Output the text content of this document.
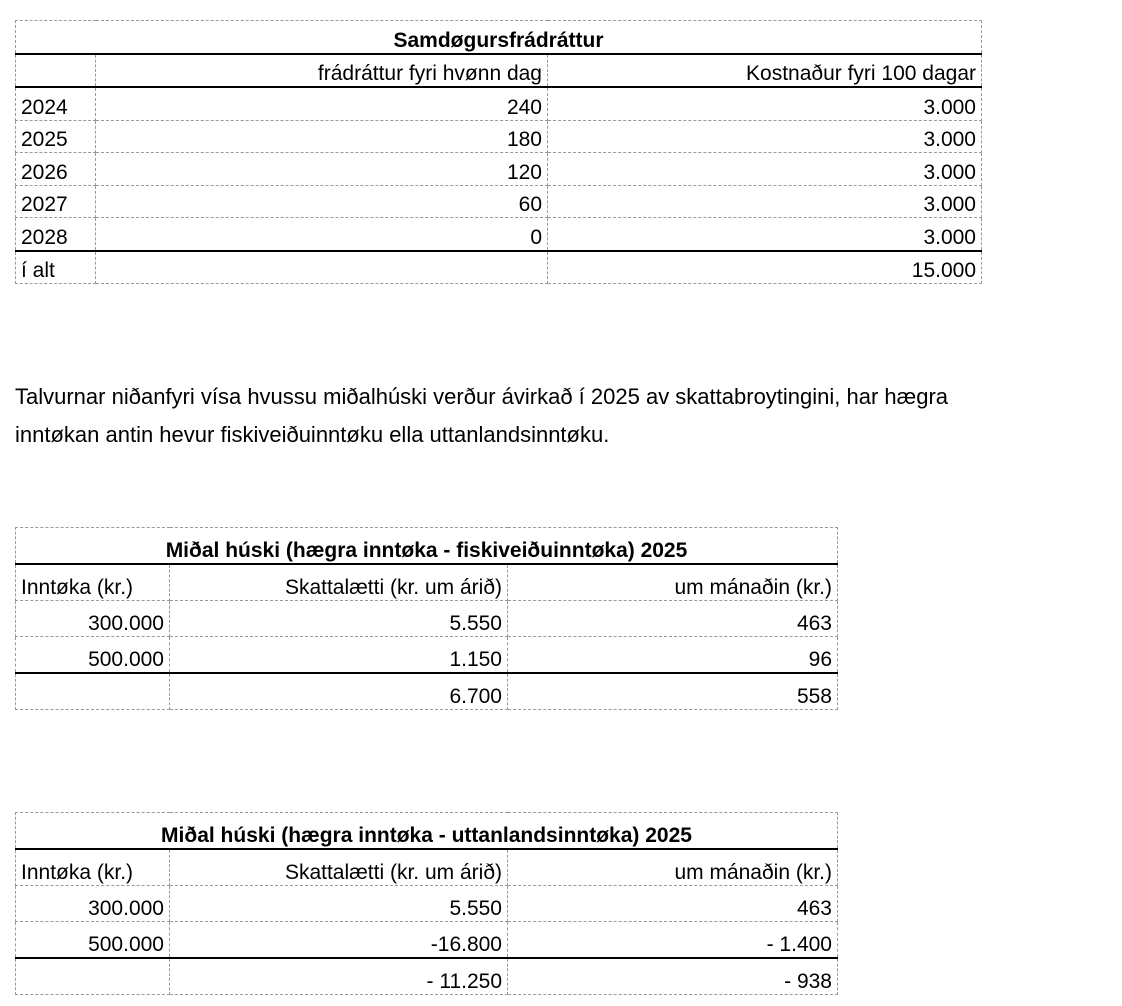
Samdøgursfrádráttur		
	frádráttur fyri hvønn dag	Kostnaður fyri 100 dagar
2024	240	3.000
2025	180	3.000
2026	120	3.000
2027	60	3.000
2028	0	3.000
í alt		15.000

Talvurnar niðanfyri vísa hvussu miðalhúski verður ávirkað í 2025 av skattabroytingini, har hægra
inntøkan antin hevur fiskiveiðuinntøku ella uttanlandsinntøku.

Miðal húski (hægra inntøka - fiskiveiðuinntøka) 2025		
Inntøka (kr.)	Skattalætti (kr. um árið)	um mánaðin (kr.)
300.000	5.550	463
500.000	1.150	96
	6.700	558
Miðal húski (hægra inntøka - uttanlandsinntøka) 2025		
Inntøka (kr.)	Skattalætti (kr. um árið)	um mánaðin (kr.)
300.000	5.550	463
500.000	-16.800	- 1.400
	- 11.250	- 938
